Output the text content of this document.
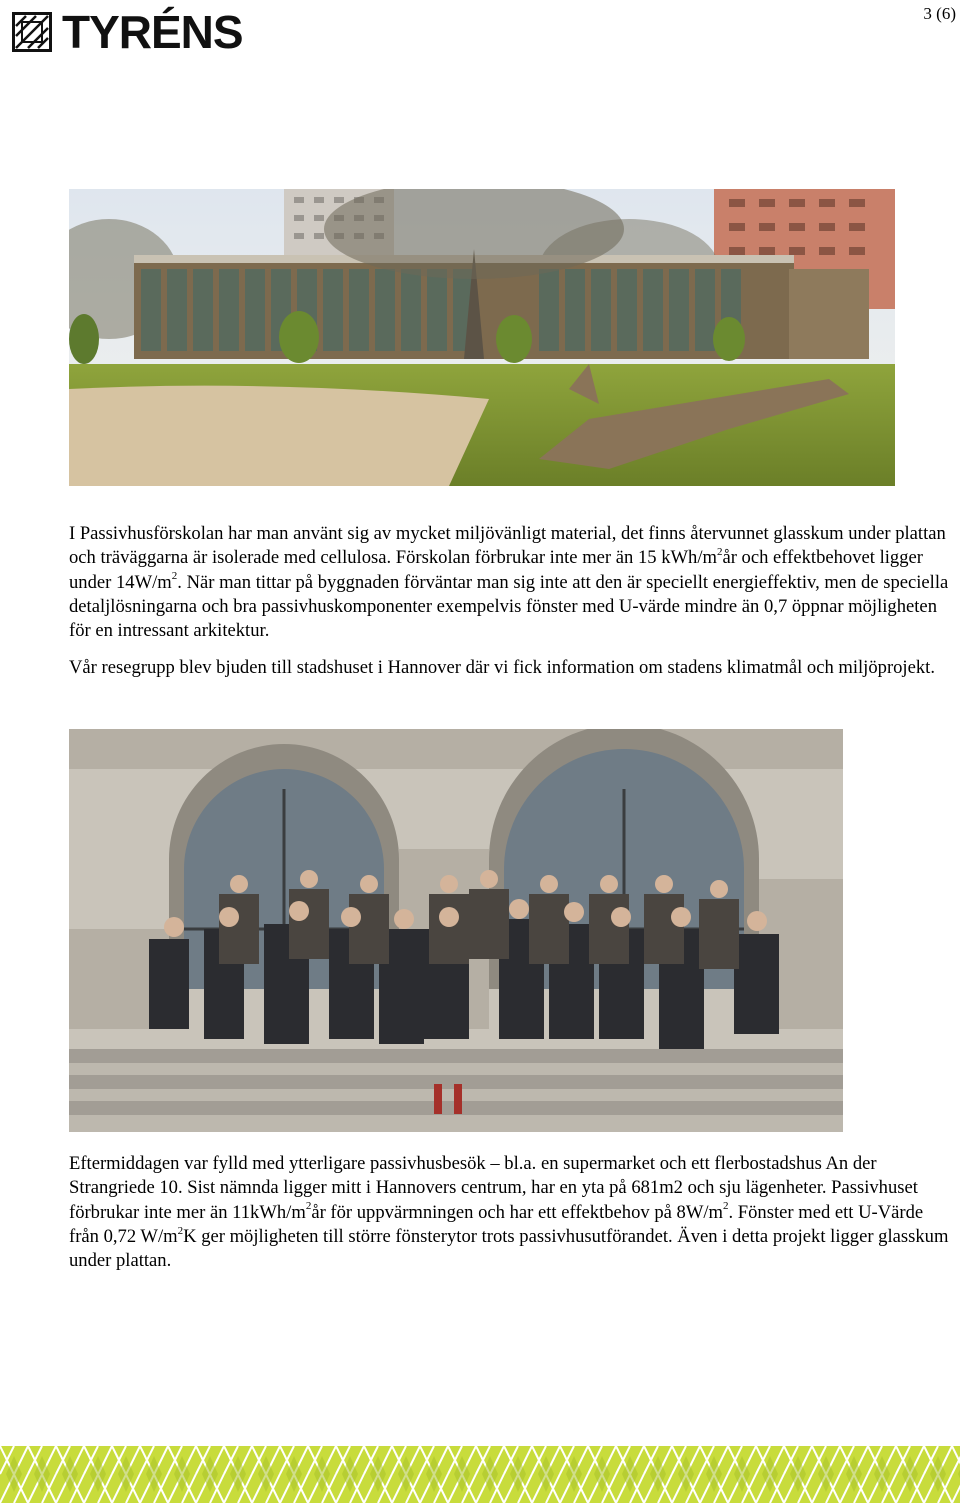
TYRÉNS	3 (6)

I Passivhusförskolan har man använt sig av mycket miljövänligt material, det finns återvunnet glasskum under plattan och träväggarna är isolerade med cellulosa. Förskolan förbrukar inte mer än 15 kWh/$m^2år$ och effektbehovet ligger under $14W/m^2$. När man tittar på byggnaden förväntar man sig inte att den är speciellt energieffektiv, men de speciella detaljlösningarna och bra passivhuskomponenter exempelvis fönster med U-värde mindre än 0,7 öppnar möjligheten för en intressant arkitektur.

Vår resegrupp blev bjuden till stadshuset i Hannover där vi fick information om stadens klimatmål och miljöprojekt.

Eftermiddagen var fylld med ytterligare passivhusbesök – bl.a. en supermarket och ett flerbostadshus An der Strangriede 10. Sist nämnda ligger mitt i Hannovers centrum, har en yta på 681m2 och sju lägenheter. Passivhuset förbrukar inte mer än $11kWh/m^2år$ för uppvärmningen och har ett effektbehov på $8W/m^2$. Fönster med ett U-Värde från 0,72 $W/m^2K$ ger möjligheten till större fönsterytor trots passivhusutförandet. Även i detta projekt ligger glasskum under plattan.
